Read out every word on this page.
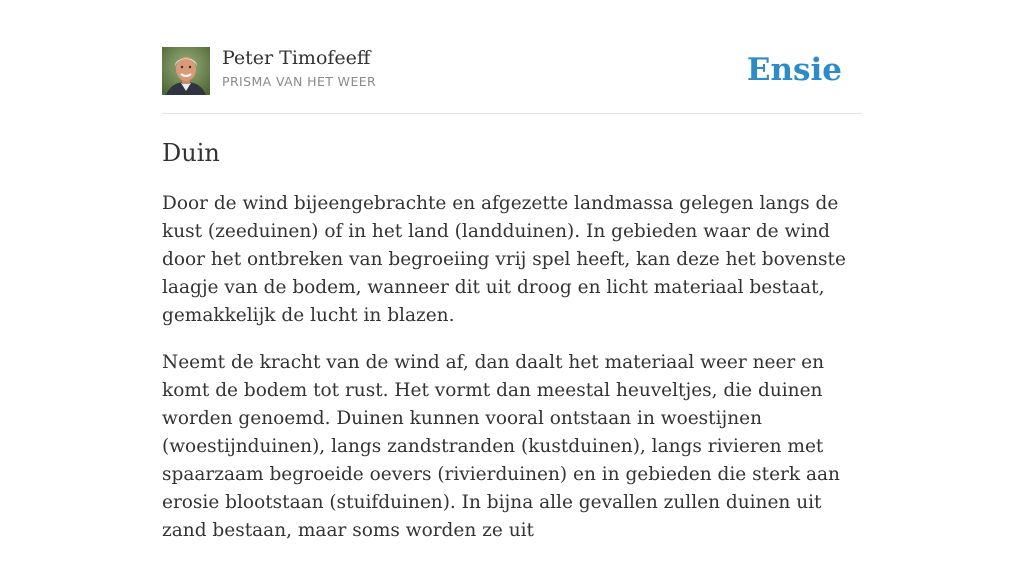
Peter Timofeeff
PRISMA VAN HET WEER	Ensie
Duin

Door de wind bijeengebrachte en afgezette landmassa gelegen langs de kust (zeeduinen) of in het land (landduinen). In gebieden waar de wind door het ontbreken van begroeiing vrij spel heeft, kan deze het bovenste laagje van de bodem, wanneer dit uit droog en licht materiaal bestaat, gemakkelijk de lucht in blazen.

Neemt de kracht van de wind af, dan daalt het materiaal weer neer en komt de bodem tot rust. Het vormt dan meestal heuveltjes, die duinen worden genoemd. Duinen kunnen vooral ontstaan in woestijnen (woestijnduinen), langs zandstranden (kustduinen), langs rivieren met spaarzaam begroeide oevers (rivierduinen) en in gebieden die sterk aan erosie blootstaan (stuifduinen). In bijna alle gevallen zullen duinen uit zand bestaan, maar soms worden ze uit
